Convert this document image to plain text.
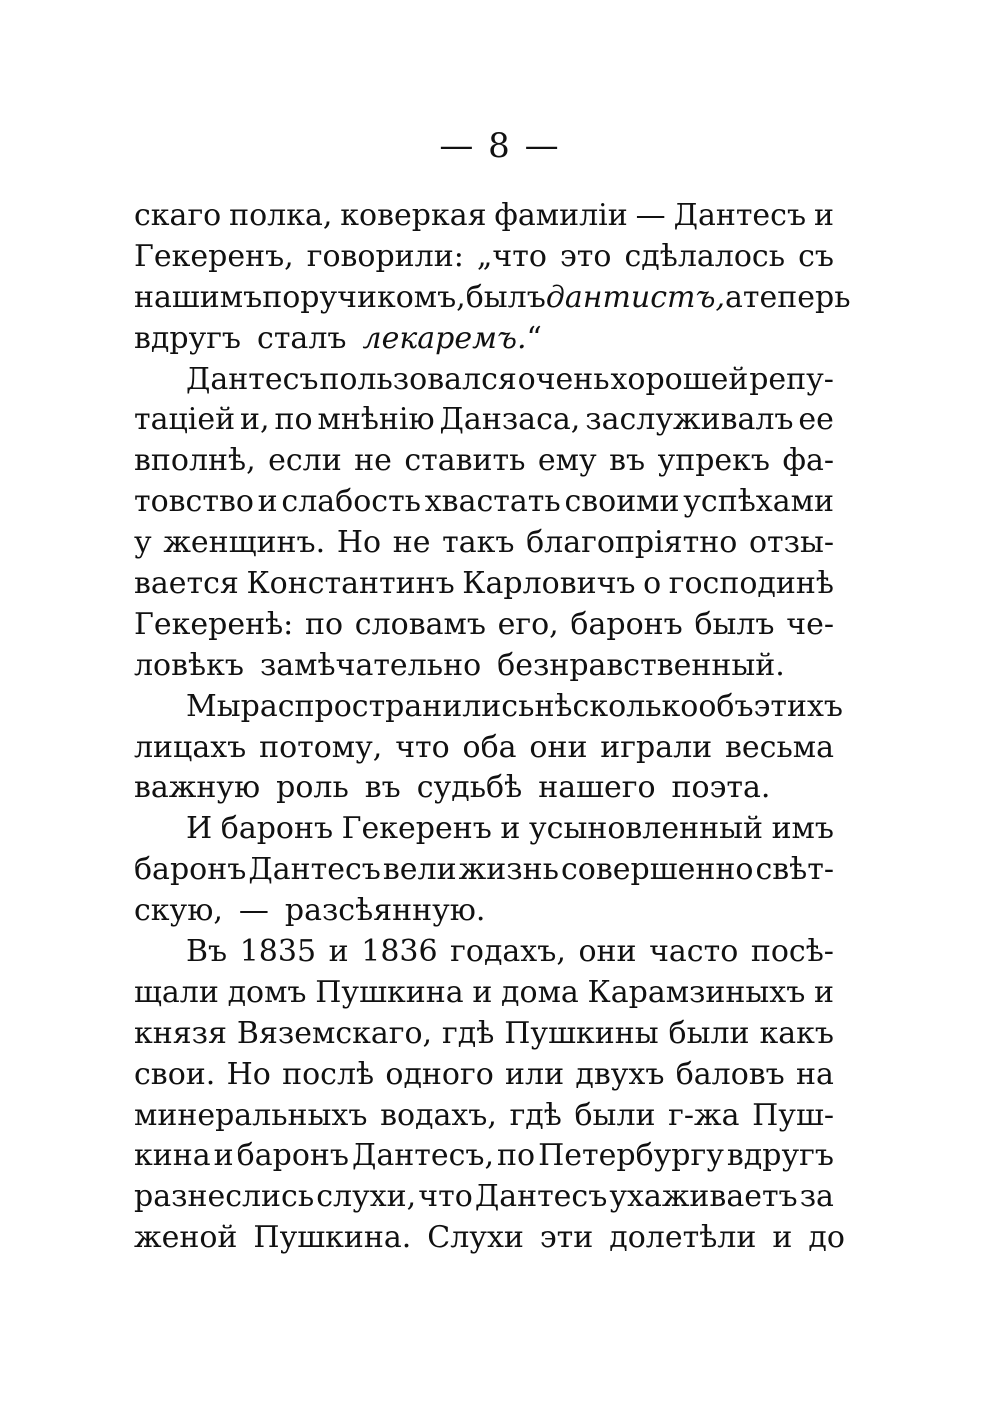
— 8 —
скаго полка, коверкая фамиліи — Дантесъ и
Гекеренъ, говорили: „что это сдѣлалось съ
нашимъ поручикомъ, былъ дантистъ, а теперь
вдругъ сталъ лекаремъ.“
Дантесъ пользовался очень хорошей репу-
таціей и, по мнѣнію Данзаса, заслуживалъ ее
вполнѣ, если не ставить ему въ упрекъ фа-
товство и слабость хвастать своими успѣхами
у женщинъ. Но не такъ благопріятно отзы-
вается Константинъ Карловичъ о господинѣ
Гекеренѣ: по словамъ его, баронъ былъ че-
ловѣкъ замѣчательно безнравственный.
Мы распространились нѣсколько объ этихъ
лицахъ потому, что оба они играли весьма
важную роль въ судьбѣ нашего поэта.
И баронъ Гекеренъ и усыновленный имъ
баронъ Дантесъ вели жизнь совершенно свѣт-
скую, — разсѣянную.
Въ 1835 и 1836 годахъ, они часто посѣ-
щали домъ Пушкина и дома Карамзиныхъ и
князя Вяземскаго, гдѣ Пушкины были какъ
свои. Но послѣ одного или двухъ баловъ на
минеральныхъ водахъ, гдѣ были г-жа Пуш-
кина и баронъ Дантесъ, по Петербургу вдругъ
разнеслись слухи, что Дантесъ ухаживаетъ за
женой Пушкина. Слухи эти долетѣли и до
